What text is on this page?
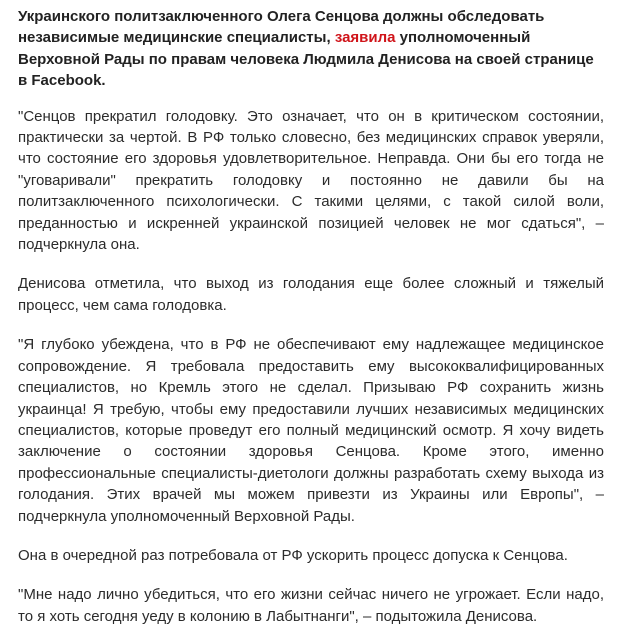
Украинского политзаключенного Олега Сенцова должны обследовать независимые медицинские специалисты, заявила уполномоченный Верховной Рады по правам человека Людмила Денисова на своей странице в Facebook.

"Сенцов прекратил голодовку. Это означает, что он в критическом состоянии, практически за чертой. В РФ только словесно, без медицинских справок уверяли, что состояние его здоровья удовлетворительное. Неправда. Они бы его тогда не "уговаривали" прекратить голодовку и постоянно не давили бы на политзаключенного психологически. С такими целями, с такой силой воли, преданностью и искренней украинской позицией человек не мог сдаться", – подчеркнула она.

Денисова отметила, что выход из голодания еще более сложный и тяжелый процесс, чем сама голодовка.

"Я глубоко убеждена, что в РФ не обеспечивают ему надлежащее медицинское сопровождение. Я требовала предоставить ему высококвалифицированных специалистов, но Кремль этого не сделал. Призываю РФ сохранить жизнь украинца! Я требую, чтобы ему предоставили лучших независимых медицинских специалистов, которые проведут его полный медицинский осмотр. Я хочу видеть заключение о состоянии здоровья Сенцова. Кроме этого, именно профессиональные специалисты-диетологи должны разработать схему выхода из голодания. Этих врачей мы можем привезти из Украины или Европы", – подчеркнула уполномоченный Верховной Рады.

Она в очередной раз потребовала от РФ ускорить процесс допуска к Сенцова.

"Мне надо лично убедиться, что его жизни сейчас ничего не угрожает. Если надо, то я хоть сегодня уеду в колонию в Лабытнанги", – подытожила Денисова.
